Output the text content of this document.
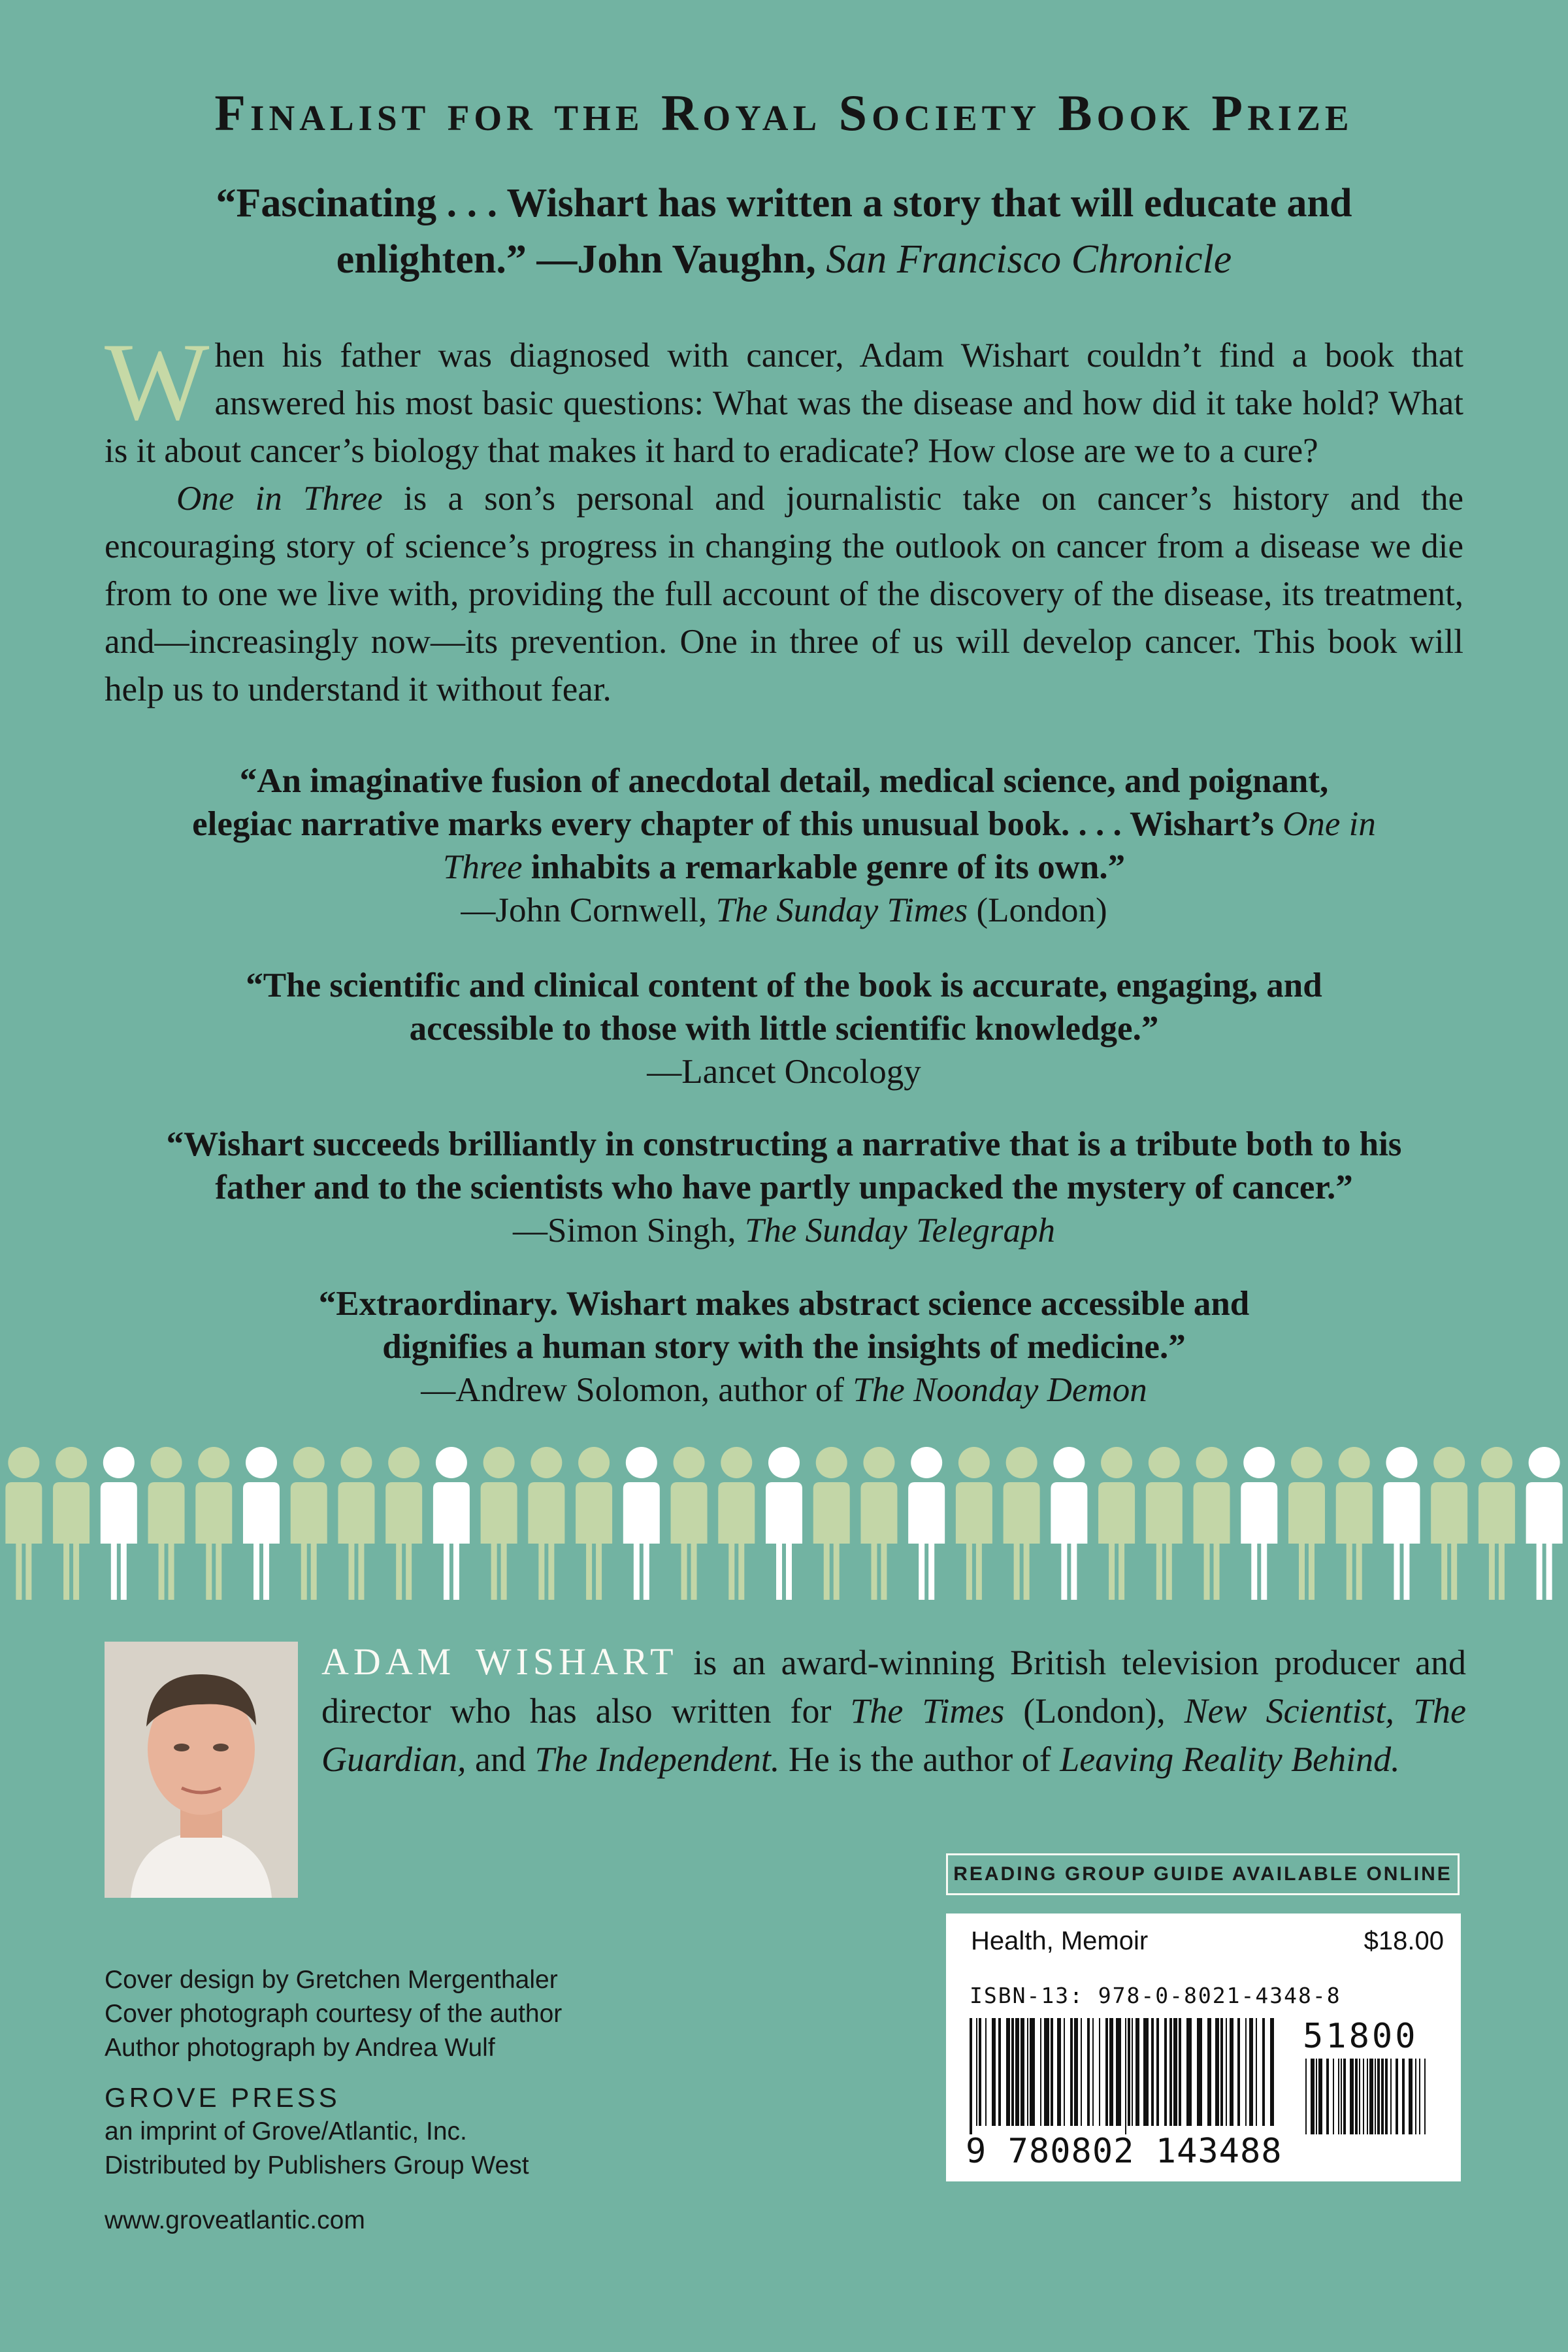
Finalist for the Royal Society Book Prize
“Fascinating . . . Wishart has written a story that will educate and enlighten.” —John Vaughn, San Francisco Chronicle

When his father was diagnosed with cancer, Adam Wishart couldn’t find a book that answered his most basic questions: What was the disease and how did it take hold? What is it about cancer’s biology that makes it hard to eradicate? How close are we to a cure?

One in Three is a son’s personal and journalistic take on cancer’s history and the encouraging story of science’s progress in changing the outlook on cancer from a disease we die from to one we live with, providing the full account of the discovery of the disease, its treatment, and—increasingly now—its prevention. One in three of us will develop cancer. This book will help us to understand it without fear.

“An imaginative fusion of anecdotal detail, medical science, and poignant, elegiac narrative marks every chapter of this unusual book. . . . Wishart’s One in Three inhabits a remarkable genre of its own.”
—John Cornwell, The Sunday Times (London)
“The scientific and clinical content of the book is accurate, engaging, and accessible to those with little scientific knowledge.”
—Lancet Oncology
“Wishart succeeds brilliantly in constructing a narrative that is a tribute both to his father and to the scientists who have partly unpacked the mystery of cancer.”
—Simon Singh, The Sunday Telegraph
“Extraordinary. Wishart makes abstract science accessible and dignifies a human story with the insights of medicine.”
—Andrew Solomon, author of The Noonday Demon
ADAM WISHART is an award-winning British television producer and director who has also written for The Times (London), New Scientist, The Guardian, and The Independent. He is the author of Leaving Reality Behind.
READING GROUP GUIDE AVAILABLE ONLINE
Health, Memoir	$18.00
ISBN-13: 978-0-8021-4348-8
51800
9 780802 143488
Cover design by Gretchen Mergenthaler
Cover photograph courtesy of the author
Author photograph by Andrea Wulf
GROVE PRESS
an imprint of Grove/Atlantic, Inc.
Distributed by Publishers Group West
www.groveatlantic.com
